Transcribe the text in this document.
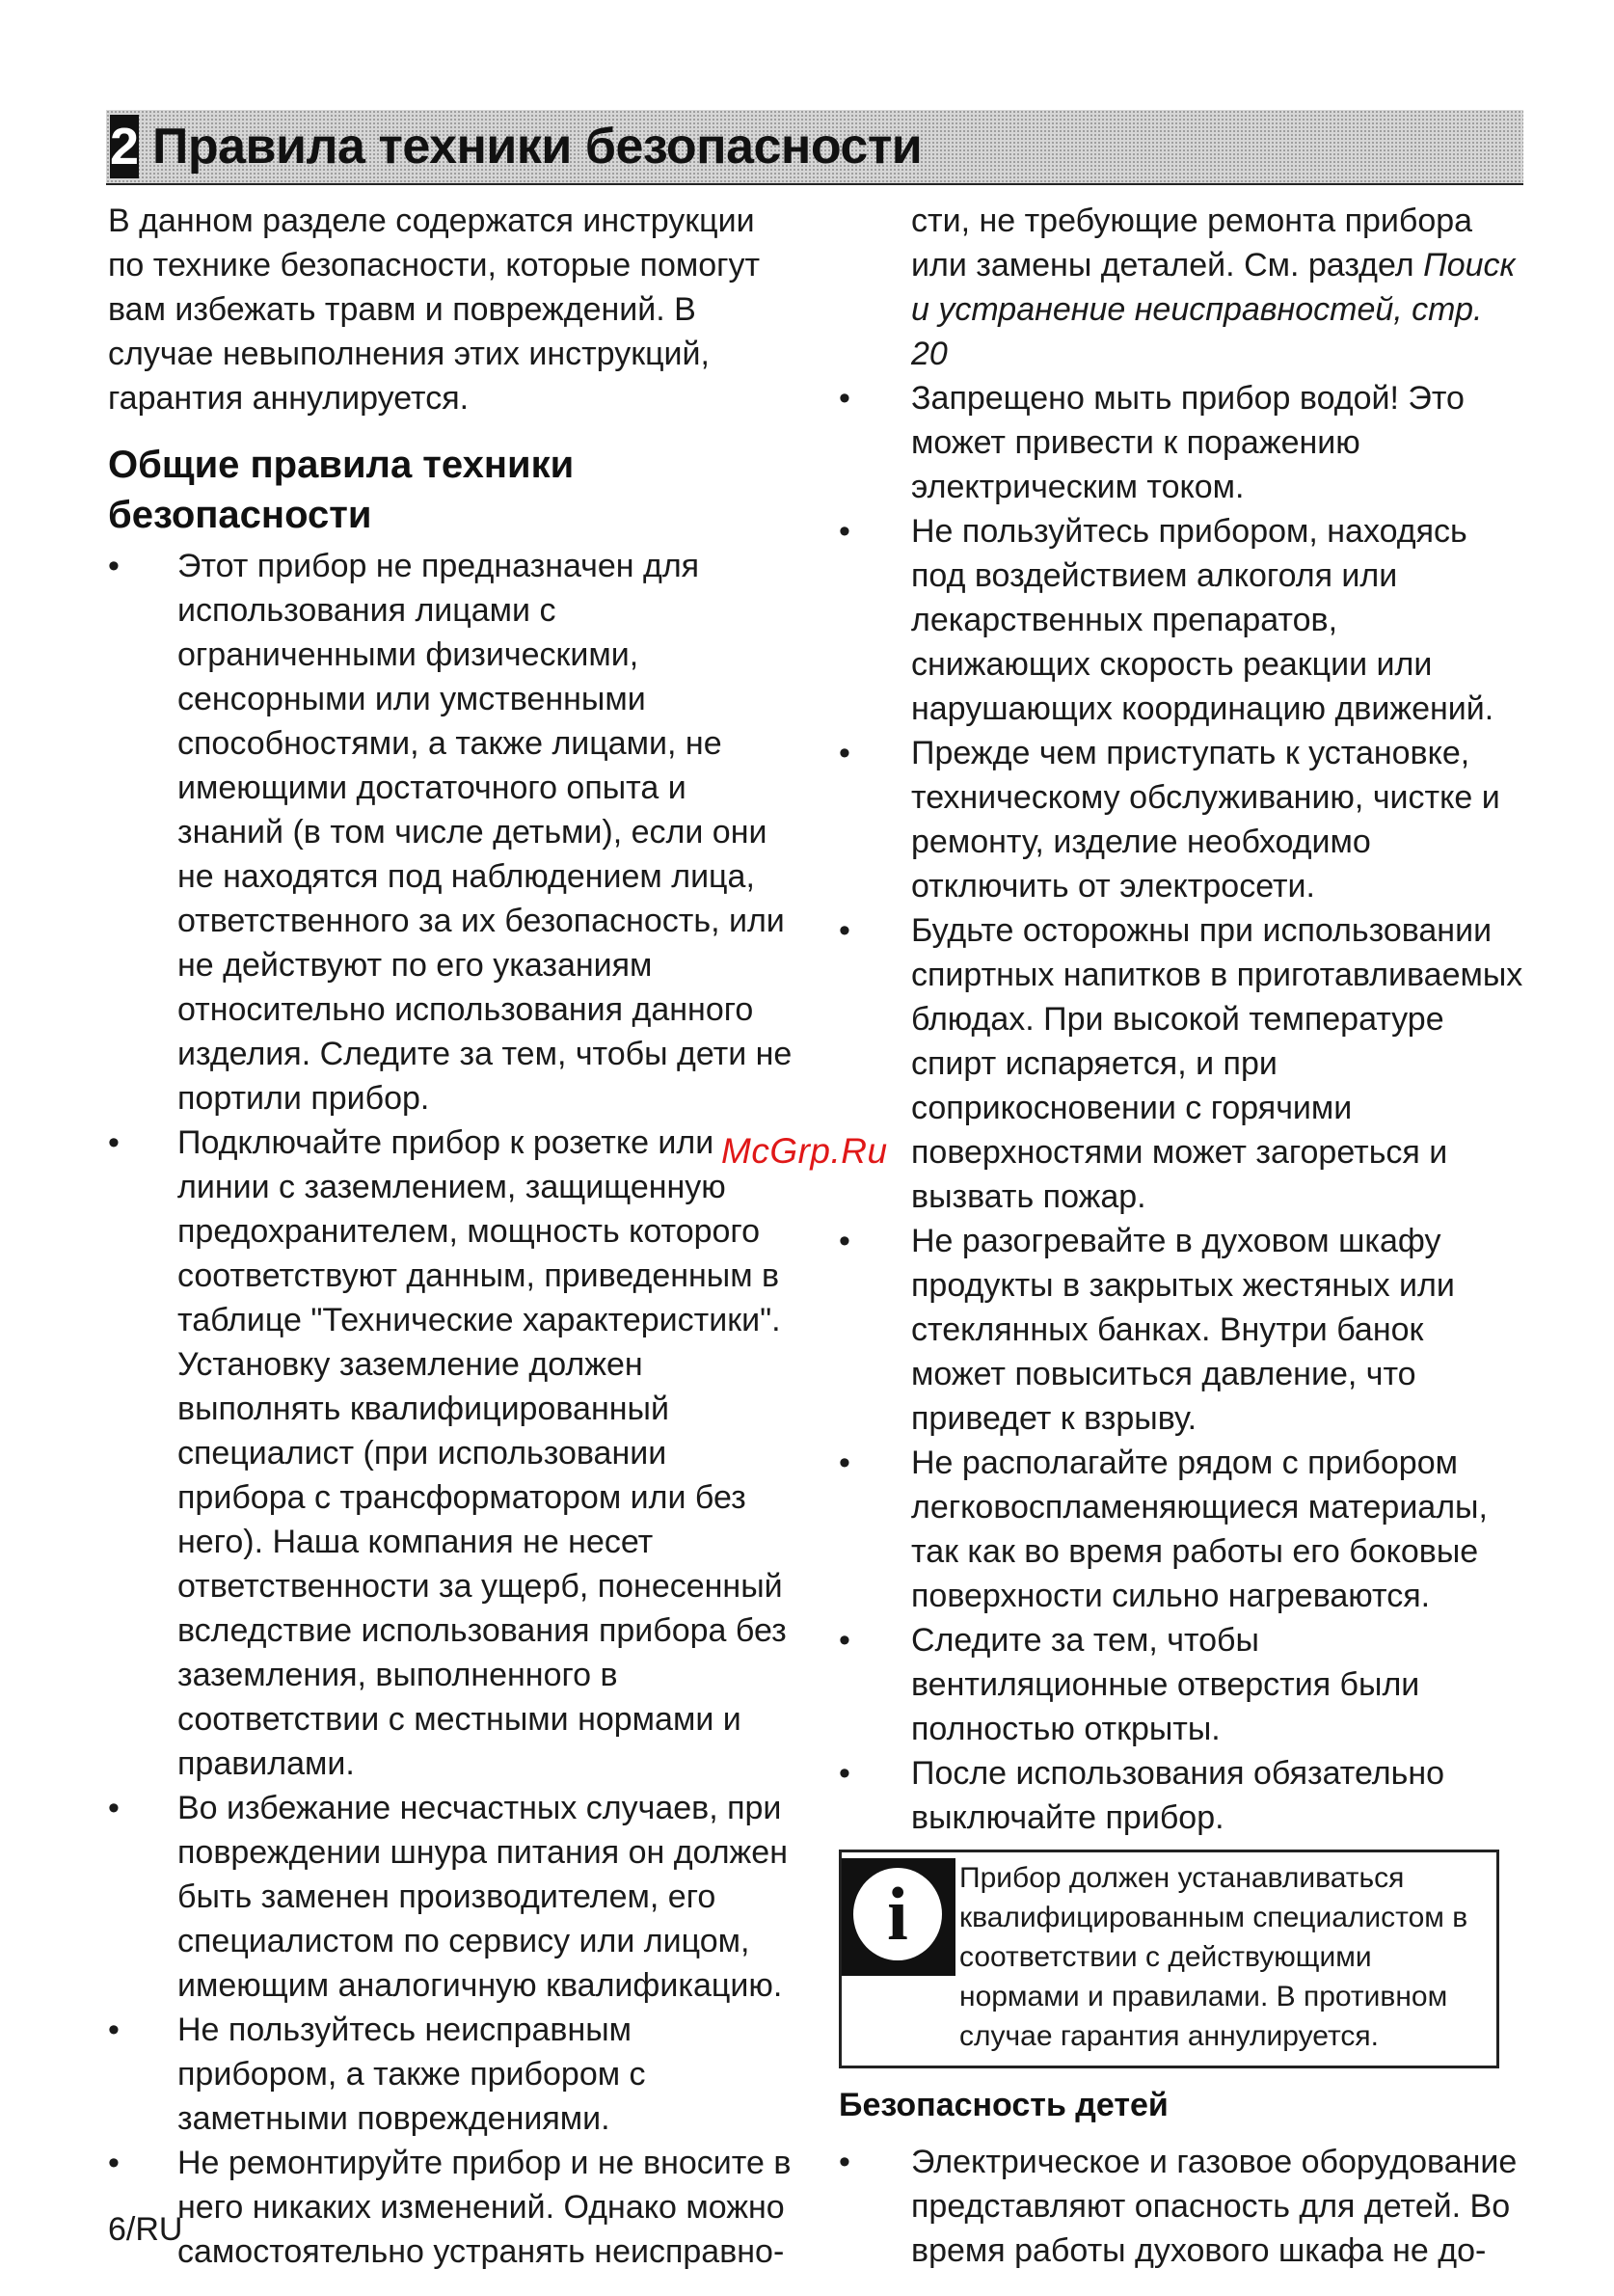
2 Правила техники безопасности

В данном разделе содержатся инструкции по технике безопасности, которые помогут вам избежать травм и повреждений. В случае невыполнения этих инструкций, гарантия аннулируется.

Общие правила техники безопасности
• Этот прибор не предназначен для использования лицами с ограниченными физическими, сенсорными или умственными способностями, а также лицами, не имеющими достаточного опыта и знаний (в том числе детьми), если они не находятся под наблюдением лица, ответственного за их безопасность, или не действуют по его указаниям относительно использования данного изделия. Следите за тем, чтобы дети не портили прибор.
• Подключайте прибор к розетке или линии с заземлением, защищенную предохранителем, мощность которого соответствуют данным, приведенным в таблице "Технические характеристики". Установку заземление должен выполнять квалифицированный специалист (при использовании прибора с трансформатором или без него). Наша компания не несет ответственности за ущерб, понесенный вследствие использования прибора без заземления, выполненного в соответствии с местными нормами и правилами.
• Во избежание несчастных случаев, при повреждении шнура питания он должен быть заменен производителем, его специалистом по сервису или лицом, имеющим аналогичную квалификацию.
• Не пользуйтесь неисправным прибором, а также прибором с заметными повреждениями.
• Не ремонтируйте прибор и не вносите в него никаких изменений. Однако можно самостоятельно устранять неисправно-
сти, не требующие ремонта прибора или замены деталей. См. раздел Поиск и устранение неисправностей, стр. 20
• Запрещено мыть прибор водой! Это может привести к поражению электрическим током.
• Не пользуйтесь прибором, находясь под воздействием алкоголя или лекарственных препаратов, снижающих скорость реакции или нарушающих координацию движений.
• Прежде чем приступать к установке, техническому обслуживанию, чистке и ремонту, изделие необходимо отключить от электросети.
• Будьте осторожны при использовании спиртных напитков в приготавливаемых блюдах. При высокой температуре спирт испаряется, и при соприкосновении с горячими поверхностями может загореться и вызвать пожар.
• Не разогревайте в духовом шкафу продукты в закрытых жестяных или стеклянных банках. Внутри банок может повыситься давление, что приведет к взрыву.
• Не располагайте рядом с прибором легковоспламеняющиеся материалы, так как во время работы его боковые поверхности сильно нагреваются.
• Следите за тем, чтобы вентиляционные отверстия были полностью открыты.
• После использования обязательно выключайте прибор.
i	Прибор должен устанавливаться квалифицированным специалистом в соответствии с действующими нормами и правилами. В противном случае гарантия аннулируется.
Безопасность детей
• Электрическое и газовое оборудование представляют опасность для детей. Во время работы духового шкафа не до-
McGrp.Ru
6/RU
